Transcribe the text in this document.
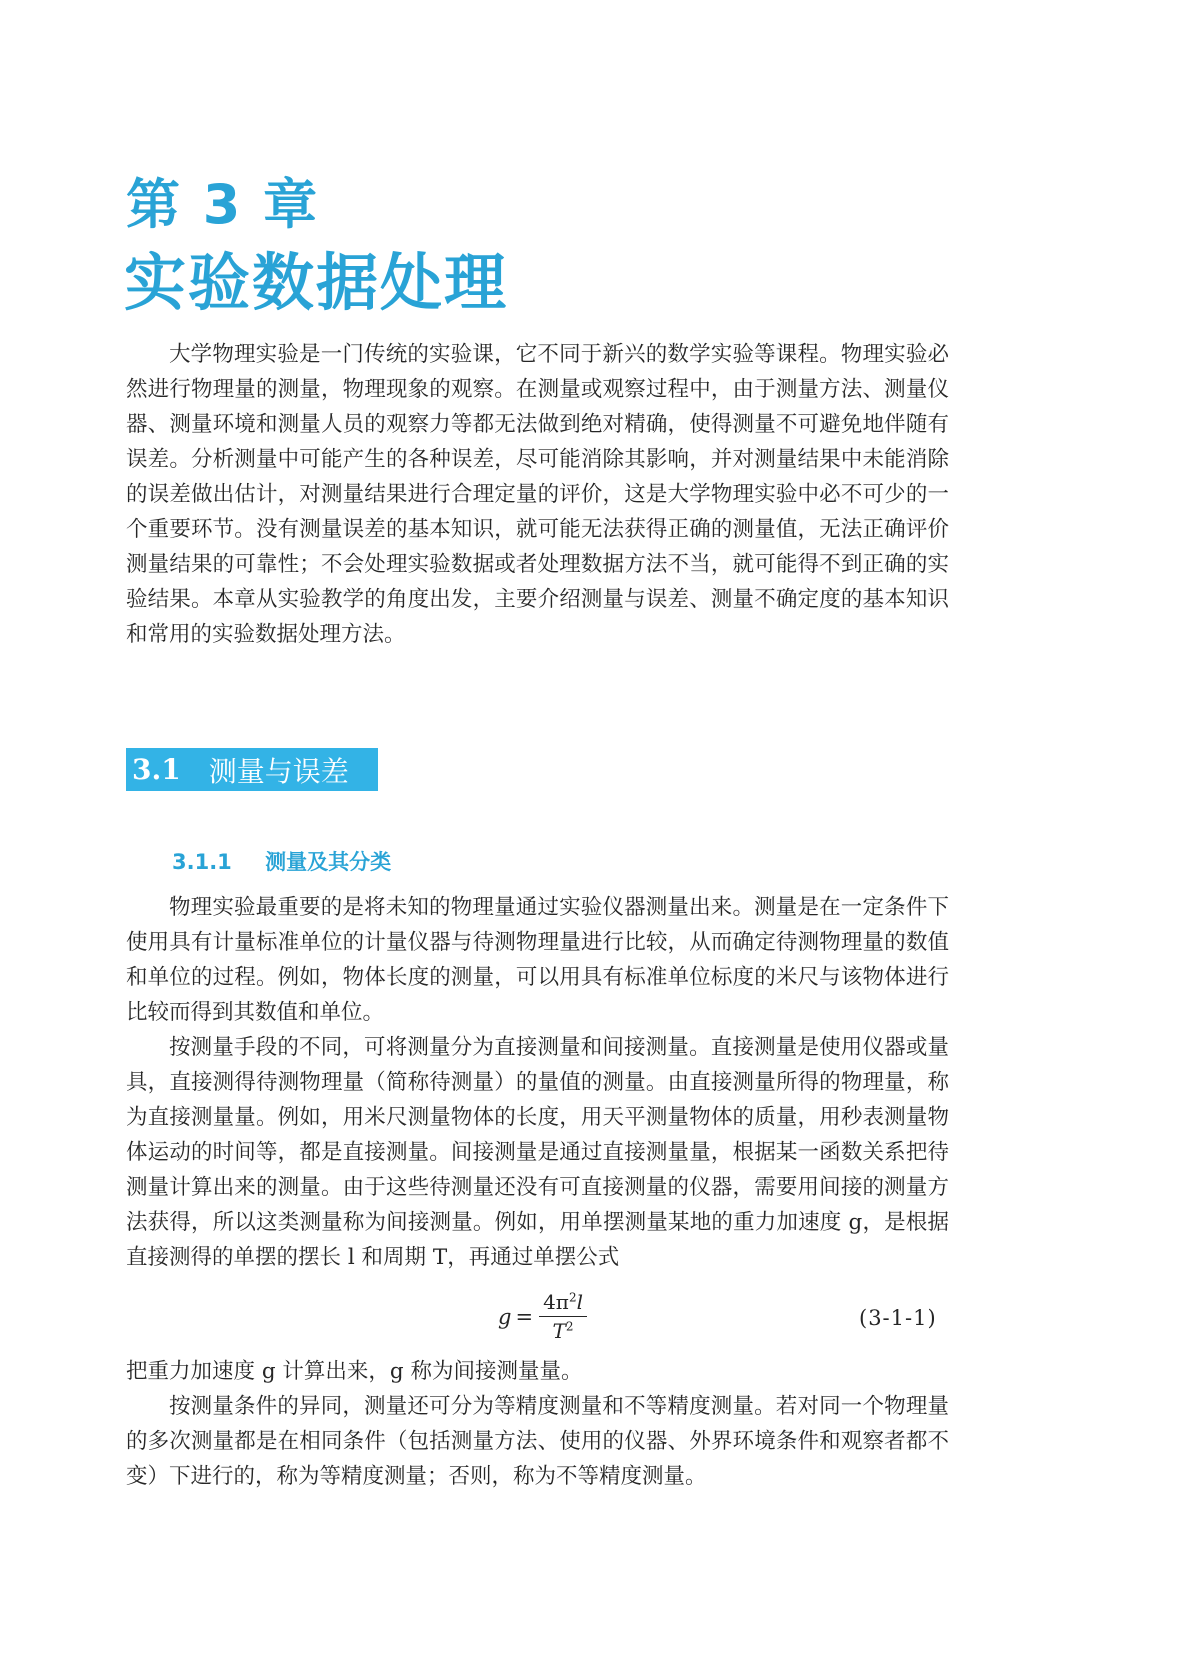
第 3 章
实验数据处理

大学物理实验是一门传统的实验课，它不同于新兴的数学实验等课程。物理实验必然进行物理量的测量，物理现象的观察。在测量或观察过程中，由于测量方法、测量仪器、测量环境和测量人员的观察力等都无法做到绝对精确，使得测量不可避免地伴随有误差。分析测量中可能产生的各种误差，尽可能消除其影响，并对测量结果中未能消除的误差做出估计，对测量结果进行合理定量的评价，这是大学物理实验中必不可少的一个重要环节。没有测量误差的基本知识，就可能无法获得正确的测量值，无法正确评价测量结果的可靠性；不会处理实验数据或者处理数据方法不当，就可能得不到正确的实验结果。本章从实验教学的角度出发，主要介绍测量与误差、测量不确定度的基本知识和常用的实验数据处理方法。

3.1 测量与误差
3.1.1 测量及其分类

物理实验最重要的是将未知的物理量通过实验仪器测量出来。测量是在一定条件下使用具有计量标准单位的计量仪器与待测物理量进行比较，从而确定待测物理量的数值和单位的过程。例如，物体长度的测量，可以用具有标准单位标度的米尺与该物体进行比较而得到其数值和单位。

按测量手段的不同，可将测量分为直接测量和间接测量。直接测量是使用仪器或量具，直接测得待测物理量（简称待测量）的量值的测量。由直接测量所得的物理量，称为直接测量量。例如，用米尺测量物体的长度，用天平测量物体的质量，用秒表测量物体运动的时间等，都是直接测量。间接测量是通过直接测量量，根据某一函数关系把待测量计算出来的测量。由于这些待测量还没有可直接测量的仪器，需要用间接的测量方法获得，所以这类测量称为间接测量。例如，用单摆测量某地的重力加速度 g，是根据直接测得的单摆的摆长 l 和周期 T，再通过单摆公式

$g = \frac{4\pi^2l}{T^2}$	(3-1-1)

把重力加速度 g 计算出来，g 称为间接测量量。

按测量条件的异同，测量还可分为等精度测量和不等精度测量。若对同一个物理量的多次测量都是在相同条件（包括测量方法、使用的仪器、外界环境条件和观察者都不变）下进行的，称为等精度测量；否则，称为不等精度测量。
